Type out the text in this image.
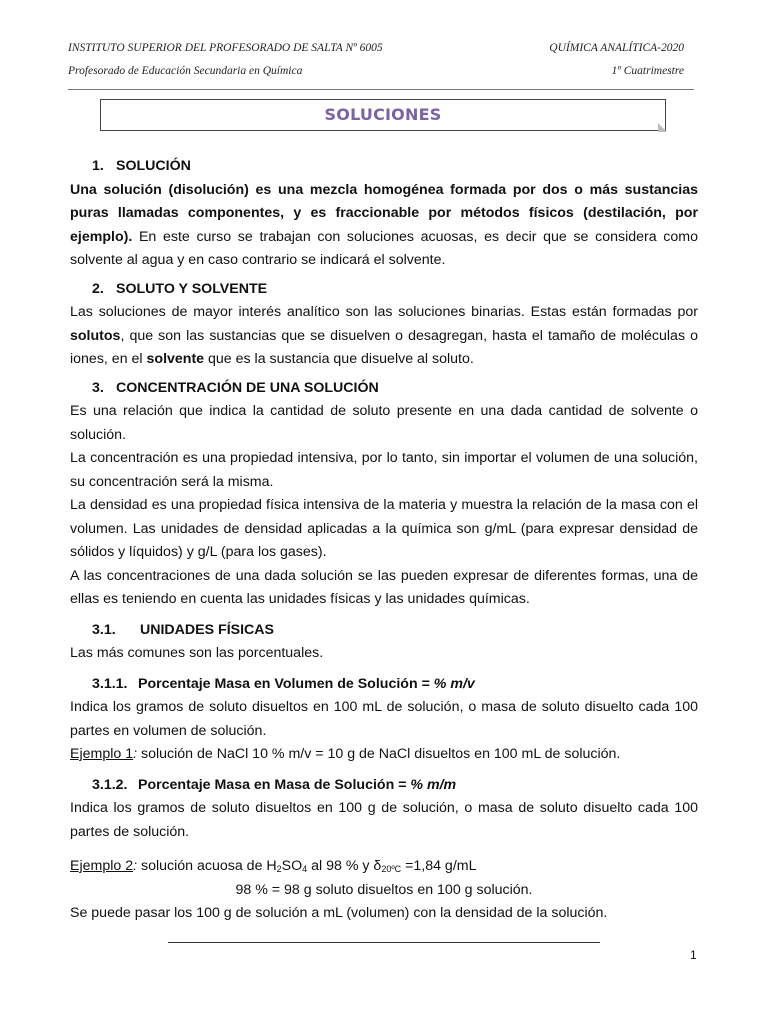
INSTITUTO SUPERIOR DEL PROFESORADO DE SALTA Nº 6005	QUÍMICA ANALÍTICA-2020
Profesorado de Educación Secundaria en Química	1º Cuatrimestre
SOLUCIONES

1. SOLUCIÓN

Una solución (disolución) es una mezcla homogénea formada por dos o más sustancias puras llamadas componentes, y es fraccionable por métodos físicos (destilación, por ejemplo). En este curso se trabajan con soluciones acuosas, es decir que se considera como solvente al agua y en caso contrario se indicará el solvente.

2. SOLUTO Y SOLVENTE

Las soluciones de mayor interés analítico son las soluciones binarias. Estas están formadas por solutos, que son las sustancias que se disuelven o desagregan, hasta el tamaño de moléculas o iones, en el solvente que es la sustancia que disuelve al soluto.

3. CONCENTRACIÓN DE UNA SOLUCIÓN

Es una relación que indica la cantidad de soluto presente en una dada cantidad de solvente o solución.

La concentración es una propiedad intensiva, por lo tanto, sin importar el volumen de una solución, su concentración será la misma.

La densidad es una propiedad física intensiva de la materia y muestra la relación de la masa con el volumen. Las unidades de densidad aplicadas a la química son g/mL (para expresar densidad de sólidos y líquidos) y g/L (para los gases).

A las concentraciones de una dada solución se las pueden expresar de diferentes formas, una de ellas es teniendo en cuenta las unidades físicas y las unidades químicas.

3.1. UNIDADES FÍSICAS

Las más comunes son las porcentuales.

3.1.1. Porcentaje Masa en Volumen de Solución = % m/v

Indica los gramos de soluto disueltos en 100 mL de solución, o masa de soluto disuelto cada 100 partes en volumen de solución.

Ejemplo 1: solución de NaCl 10 % m/v = 10 g de NaCl disueltos en 100 mL de solución.

3.1.2. Porcentaje Masa en Masa de Solución = % m/m

Indica los gramos de soluto disueltos en 100 g de solución, o masa de soluto disuelto cada 100 partes de solución.

Ejemplo 2: solución acuosa de $H_2SO_4$ al 98 % y $\delta_{20ºC} =1,84$ g/mL

98 % = 98 g soluto disueltos en 100 g solución.

Se puede pasar los 100 g de solución a mL (volumen) con la densidad de la solución.

1
